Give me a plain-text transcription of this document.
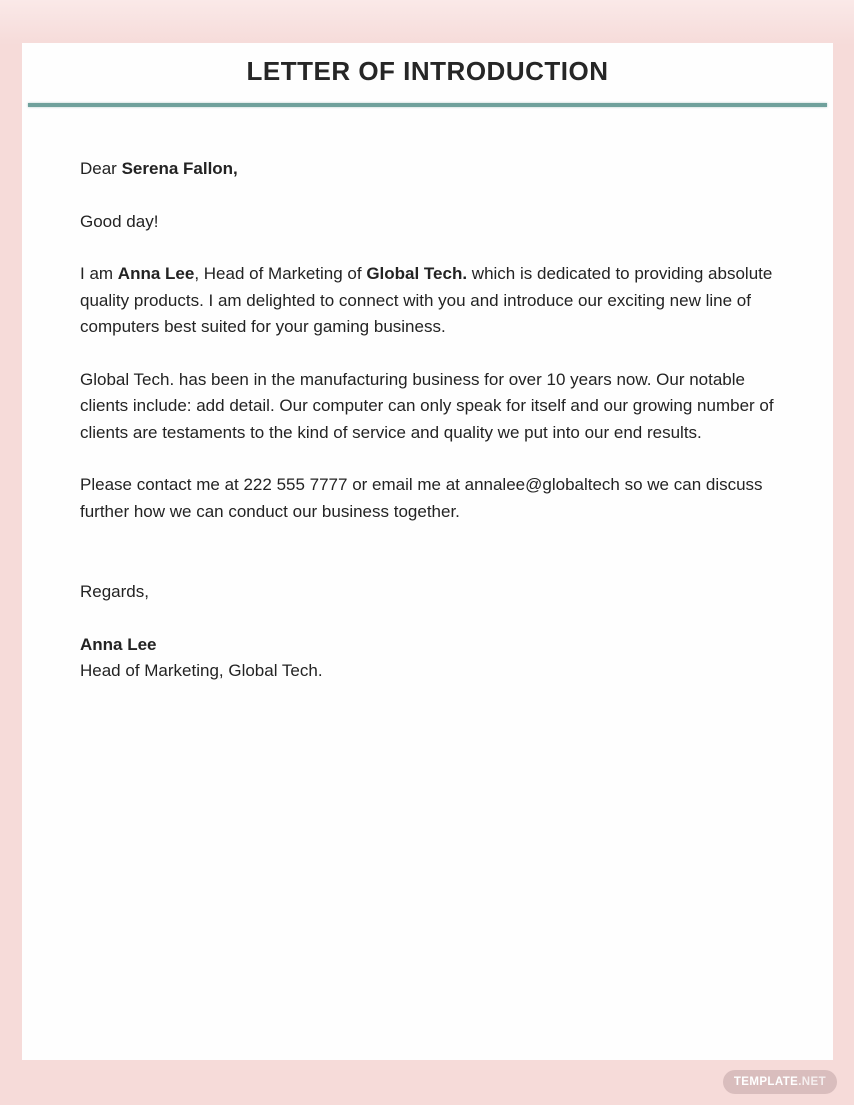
LETTER OF INTRODUCTION

Dear Serena Fallon,

Good day!

I am Anna Lee, Head of Marketing of Global Tech. which is dedicated to providing absolute quality products. I am delighted to connect with you and introduce our exciting new line of computers best suited for your gaming business.

Global Tech. has been in the manufacturing business for over 10 years now. Our notable clients include: add detail. Our computer can only speak for itself and our growing number of clients are testaments to the kind of service and quality we put into our end results.

Please contact me at 222 555 7777 or email me at annalee@globaltech so we can discuss further how we can conduct our business together.

Regards,

Anna Lee
Head of Marketing, Global Tech.

TEMPLATE .NET
